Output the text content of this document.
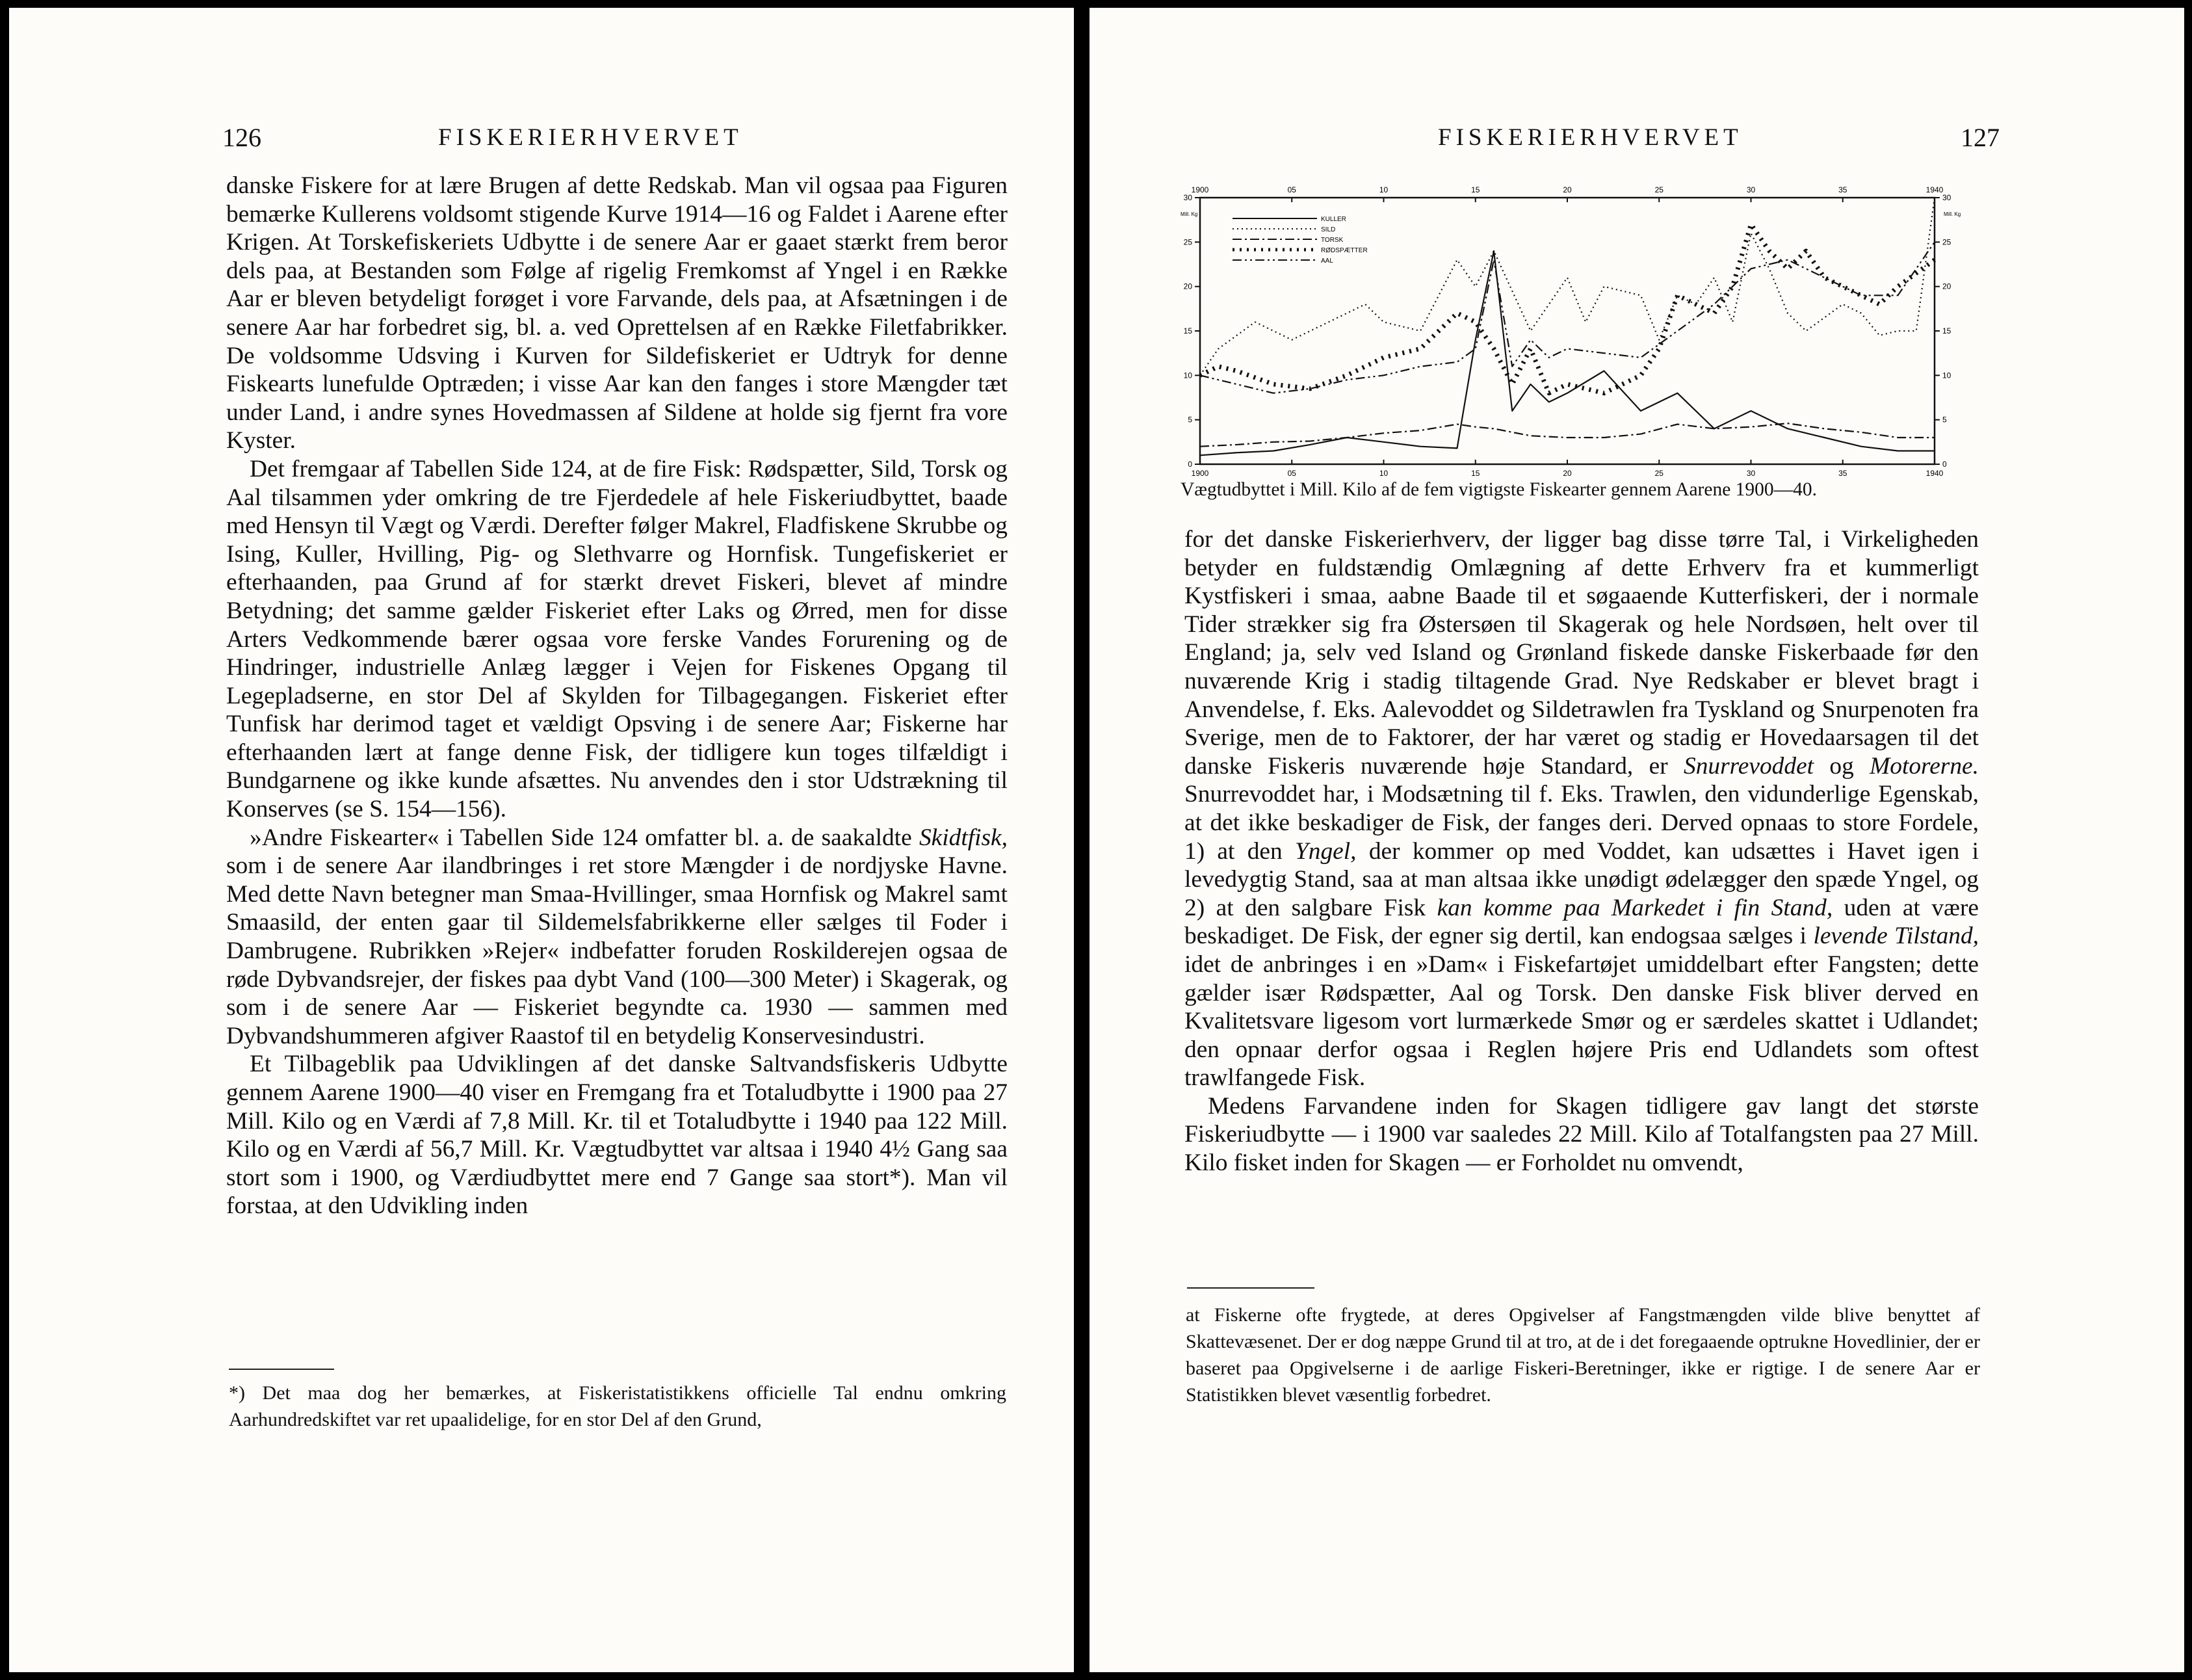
126	FISKERIERHVERVET

danske Fiskere for at lære Brugen af dette Redskab. Man vil ogsaa paa Figuren bemærke Kullerens voldsomt stigende Kurve 1914—16 og Faldet i Aarene efter Krigen. At Torskefiskeriets Udbytte i de senere Aar er gaaet stærkt frem beror dels paa, at Bestanden som Følge af rigelig Fremkomst af Yngel i en Række Aar er bleven betydeligt forøget i vore Farvande, dels paa, at Afsætningen i de senere Aar har forbedret sig, bl. a. ved Oprettelsen af en Række Filetfabrikker. De voldsomme Udsving i Kurven for Sildefiskeriet er Udtryk for denne Fiskearts lunefulde Optræden; i visse Aar kan den fanges i store Mængder tæt under Land, i andre synes Hovedmassen af Sildene at holde sig fjernt fra vore Kyster.

Det fremgaar af Tabellen Side 124, at de fire Fisk: Rødspætter, Sild, Torsk og Aal tilsammen yder omkring de tre Fjerdedele af hele Fiskeriudbyttet, baade med Hensyn til Vægt og Værdi. Derefter følger Makrel, Fladfiskene Skrubbe og Ising, Kuller, Hvilling, Pig- og Slethvarre og Hornfisk. Tungefiskeriet er efterhaanden, paa Grund af for stærkt drevet Fiskeri, blevet af mindre Betydning; det samme gælder Fiskeriet efter Laks og Ørred, men for disse Arters Vedkommende bærer ogsaa vore ferske Vandes Forurening og de Hindringer, industrielle Anlæg lægger i Vejen for Fiskenes Opgang til Legepladserne, en stor Del af Skylden for Tilbagegangen. Fiskeriet efter Tunfisk har derimod taget et vældigt Opsving i de senere Aar; Fiskerne har efterhaanden lært at fange denne Fisk, der tidligere kun toges tilfældigt i Bundgarnene og ikke kunde afsættes. Nu anvendes den i stor Udstrækning til Konserves (se S. 154—156).

»Andre Fiskearter« i Tabellen Side 124 omfatter bl. a. de saakaldte Skidtfisk, som i de senere Aar ilandbringes i ret store Mængder i de nordjyske Havne. Med dette Navn betegner man Smaa-Hvillinger, smaa Hornfisk og Makrel samt Smaasild, der enten gaar til Sildemelsfabrikkerne eller sælges til Foder i Dambrugene. Rubrikken »Rejer« indbefatter foruden Roskilderejen ogsaa de røde Dybvandsrejer, der fiskes paa dybt Vand (100—300 Meter) i Skagerak, og som i de senere Aar — Fiskeriet begyndte ca. 1930 — sammen med Dybvandshummeren afgiver Raastof til en betydelig Konservesindustri.

Et Tilbageblik paa Udviklingen af det danske Saltvandsfiskeris Udbytte gennem Aarene 1900—40 viser en Fremgang fra et Totaludbytte i 1900 paa 27 Mill. Kilo og en Værdi af 7,8 Mill. Kr. til et Totaludbytte i 1940 paa 122 Mill. Kilo og en Værdi af 56,7 Mill. Kr. Vægtudbyttet var altsaa i 1940 4½ Gang saa stort som i 1900, og Værdiudbyttet mere end 7 Gange saa stort*). Man vil forstaa, at den Udvikling inden

*) Det maa dog her bemærkes, at Fiskeristatistikkens officielle Tal endnu omkring Aarhundredskiftet var ret upaalidelige, for en stor Del af den Grund,

FISKERIERHVERVET	127
1900
1900
05
05
10
10
15
15
20
20
25
25
30
30
35
35
1940
1940
0	0
5	5
10	10
15	15
20	20
25	25
30	30
Mill. Kg	Mill. Kg
KULLER
SILD
TORSK
RØDSPÆTTER
AAL
Vægtudbyttet i Mill. Kilo af de fem vigtigste Fiskearter gennem Aarene 1900—40.

for det danske Fiskerierhverv, der ligger bag disse tørre Tal, i Virkeligheden betyder en fuldstændig Omlægning af dette Erhverv fra et kummerligt Kystfiskeri i smaa, aabne Baade til et søgaaende Kutterfiskeri, der i normale Tider strækker sig fra Østersøen til Skagerak og hele Nordsøen, helt over til England; ja, selv ved Island og Grønland fiskede danske Fiskerbaade før den nuværende Krig i stadig tiltagende Grad. Nye Redskaber er blevet bragt i Anvendelse, f. Eks. Aalevoddet og Sildetrawlen fra Tyskland og Snurpenoten fra Sverige, men de to Faktorer, der har været og stadig er Hovedaarsagen til det danske Fiskeris nuværende høje Standard, er Snurrevoddet og Motorerne. Snurrevoddet har, i Modsætning til f. Eks. Trawlen, den vidunderlige Egenskab, at det ikke beskadiger de Fisk, der fanges deri. Derved opnaas to store Fordele, 1) at den Yngel, der kommer op med Voddet, kan udsættes i Havet igen i levedygtig Stand, saa at man altsaa ikke unødigt ødelægger den spæde Yngel, og 2) at den salgbare Fisk kan komme paa Markedet i fin Stand, uden at være beskadiget. De Fisk, der egner sig dertil, kan endogsaa sælges i levende Tilstand, idet de anbringes i en »Dam« i Fiskefartøjet umiddelbart efter Fangsten; dette gælder især Rødspætter, Aal og Torsk. Den danske Fisk bliver derved en Kvalitetsvare ligesom vort lurmærkede Smør og er særdeles skattet i Udlandet; den opnaar derfor ogsaa i Reglen højere Pris end Udlandets som oftest trawlfangede Fisk.

Medens Farvandene inden for Skagen tidligere gav langt det største Fiskeriudbytte — i 1900 var saaledes 22 Mill. Kilo af Totalfangsten paa 27 Mill. Kilo fisket inden for Skagen — er Forholdet nu omvendt,

at Fiskerne ofte frygtede, at deres Opgivelser af Fangstmængden vilde blive benyttet af Skattevæsenet. Der er dog næppe Grund til at tro, at de i det foregaaende optrukne Hovedlinier, der er baseret paa Opgivelserne i de aarlige Fiskeri-Beretninger, ikke er rigtige. I de senere Aar er Statistikken blevet væsentlig forbedret.
